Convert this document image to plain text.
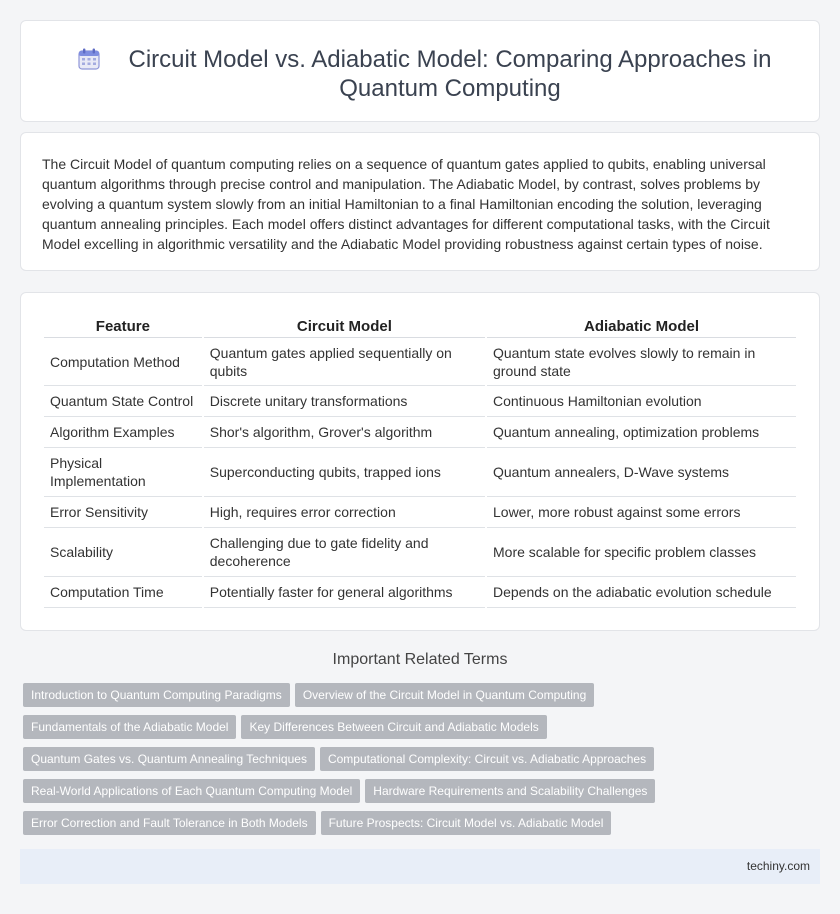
Circuit Model vs. Adiabatic Model: Comparing Approaches in Quantum Computing

The Circuit Model of quantum computing relies on a sequence of quantum gates applied to qubits, enabling universal quantum algorithms through precise control and manipulation. The Adiabatic Model, by contrast, solves problems by evolving a quantum system slowly from an initial Hamiltonian to a final Hamiltonian encoding the solution, leveraging quantum annealing principles. Each model offers distinct advantages for different computational tasks, with the Circuit Model excelling in algorithmic versatility and the Adiabatic Model providing robustness against certain types of noise.

Feature	Circuit Model	Adiabatic Model
Computation Method	Quantum gates applied sequentially on qubits	Quantum state evolves slowly to remain in ground state
Quantum State Control	Discrete unitary transformations	Continuous Hamiltonian evolution
Algorithm Examples	Shor's algorithm, Grover's algorithm	Quantum annealing, optimization problems
Physical Implementation	Superconducting qubits, trapped ions	Quantum annealers, D-Wave systems
Error Sensitivity	High, requires error correction	Lower, more robust against some errors
Scalability	Challenging due to gate fidelity and decoherence	More scalable for specific problem classes
Computation Time	Potentially faster for general algorithms	Depends on the adiabatic evolution schedule
Important Related Terms
Introduction to Quantum Computing Paradigms Overview of the Circuit Model in Quantum Computing
Fundamentals of the Adiabatic Model Key Differences Between Circuit and Adiabatic Models
Quantum Gates vs. Quantum Annealing Techniques Computational Complexity: Circuit vs. Adiabatic Approaches
Real-World Applications of Each Quantum Computing Model Hardware Requirements and Scalability Challenges
Error Correction and Fault Tolerance in Both Models Future Prospects: Circuit Model vs. Adiabatic Model
techiny.com
